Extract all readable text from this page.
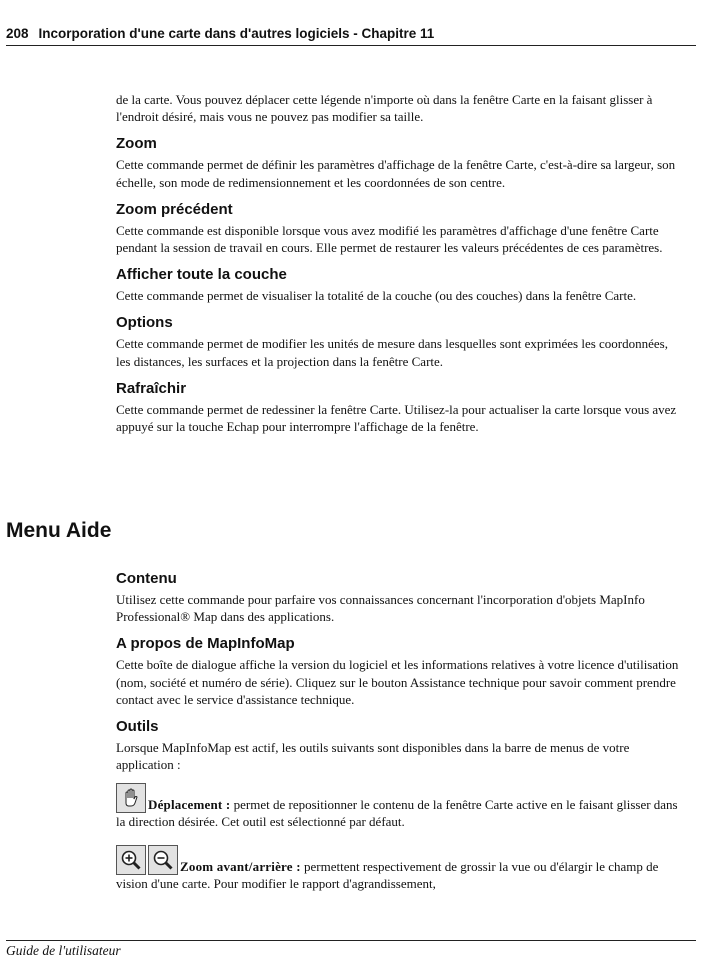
208 Incorporation d'une carte dans d'autres logiciels - Chapitre 11

de la carte. Vous pouvez déplacer cette légende n'importe où dans la fenêtre Carte en la faisant glisser à l'endroit désiré, mais vous ne pouvez pas modifier sa taille.

Zoom

Cette commande permet de définir les paramètres d'affichage de la fenêtre Carte, c'est-à-dire sa largeur, son échelle, son mode de redimensionnement et les coordonnées de son centre.

Zoom précédent

Cette commande est disponible lorsque vous avez modifié les paramètres d'affichage d'une fenêtre Carte pendant la session de travail en cours. Elle permet de restaurer les valeurs précédentes de ces paramètres.

Afficher toute la couche

Cette commande permet de visualiser la totalité de la couche (ou des couches) dans la fenêtre Carte.

Options

Cette commande permet de modifier les unités de mesure dans lesquelles sont exprimées les coordonnées, les distances, les surfaces et la projection dans la fenêtre Carte.

Rafraîchir

Cette commande permet de redessiner la fenêtre Carte. Utilisez-la pour actualiser la carte lorsque vous avez appuyé sur la touche Echap pour interrompre l'affichage de la fenêtre.

Menu Aide
Contenu

Utilisez cette commande pour parfaire vos connaissances concernant l'incorporation d'objets MapInfo Professional® Map dans des applications.

A propos de MapInfoMap

Cette boîte de dialogue affiche la version du logiciel et les informations relatives à votre licence d'utilisation (nom, société et numéro de série). Cliquez sur le bouton Assistance technique pour savoir comment prendre contact avec le service d'assistance technique.

Outils

Lorsque MapInfoMap est actif, les outils suivants sont disponibles dans la barre de menus de votre application :

Déplacement : permet de repositionner le contenu de la fenêtre Carte active en le faisant glisser dans la direction désirée. Cet outil est sélectionné par défaut.

Zoom avant/arrière : permettent respectivement de grossir la vue ou d'élargir le champ de vision d'une carte. Pour modifier le rapport d'agrandissement,

Guide de l'utilisateur
